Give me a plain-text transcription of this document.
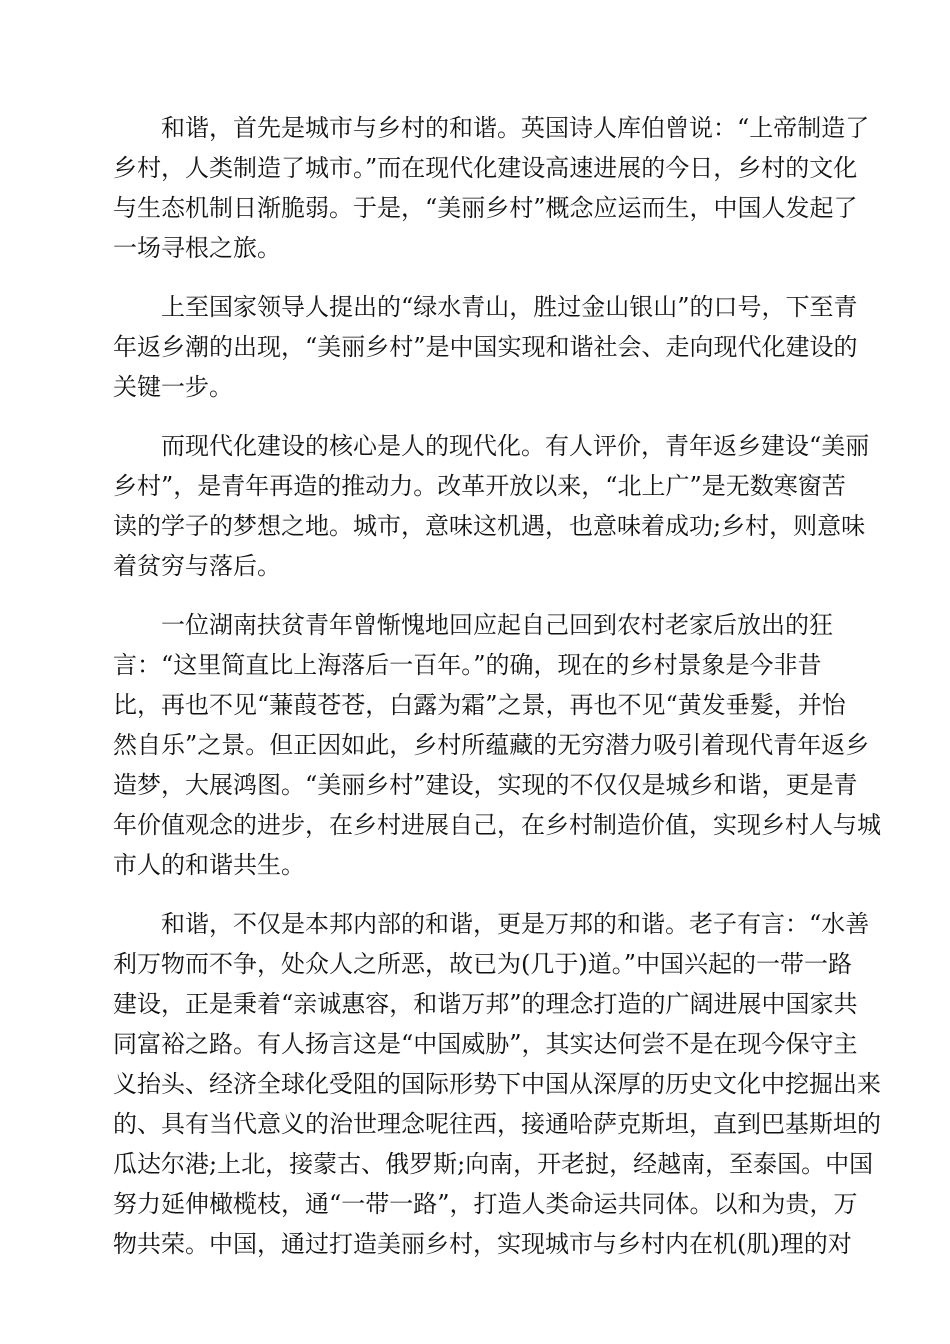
和谐，首先是城市与乡村的和谐。英国诗人库伯曾说：“上帝制造了
乡村，人类制造了城市。”而在现代化建设高速进展的今日，乡村的文化
与生态机制日渐脆弱。于是，“美丽乡村”概念应运而生，中国人发起了
一场寻根之旅。

上至国家领导人提出的“绿水青山，胜过金山银山”的口号，下至青
年返乡潮的出现，“美丽乡村”是中国实现和谐社会、走向现代化建设的
关键一步。

而现代化建设的核心是人的现代化。有人评价，青年返乡建设“美丽
乡村”，是青年再造的推动力。改革开放以来，“北上广”是无数寒窗苦
读的学子的梦想之地。城市，意味这机遇，也意味着成功;乡村，则意味
着贫穷与落后。

一位湖南扶贫青年曾惭愧地回应起自己回到农村老家后放出的狂
言：“这里简直比上海落后一百年。”的确，现在的乡村景象是今非昔
比，再也不见“蒹葭苍苍，白露为霜”之景，再也不见“黄发垂髮，并怡
然自乐”之景。但正因如此，乡村所蕴藏的无穷潜力吸引着现代青年返乡
造梦，大展鸿图。“美丽乡村”建设，实现的不仅仅是城乡和谐，更是青
年价值观念的进步，在乡村进展自己，在乡村制造价值，实现乡村人与城
市人的和谐共生。

和谐，不仅是本邦内部的和谐，更是万邦的和谐。老子有言：“水善
利万物而不争，处众人之所恶，故已为(几于)道。”中国兴起的一带一路
建设，正是秉着“亲诚惠容，和谐万邦”的理念打造的广阔进展中国家共
同富裕之路。有人扬言这是“中国威胁”，其实达何尝不是在现今保守主
义抬头、经济全球化受阻的国际形势下中国从深厚的历史文化中挖掘出来
的、具有当代意义的治世理念呢往西，接通哈萨克斯坦，直到巴基斯坦的
瓜达尔港;上北，接蒙古、俄罗斯;向南，开老挝，经越南，至泰国。中国
努力延伸橄榄枝，通“一带一路”，打造人类命运共同体。以和为贵，万
物共荣。中国，通过打造美丽乡村，实现城市与乡村内在机(肌)理的对
